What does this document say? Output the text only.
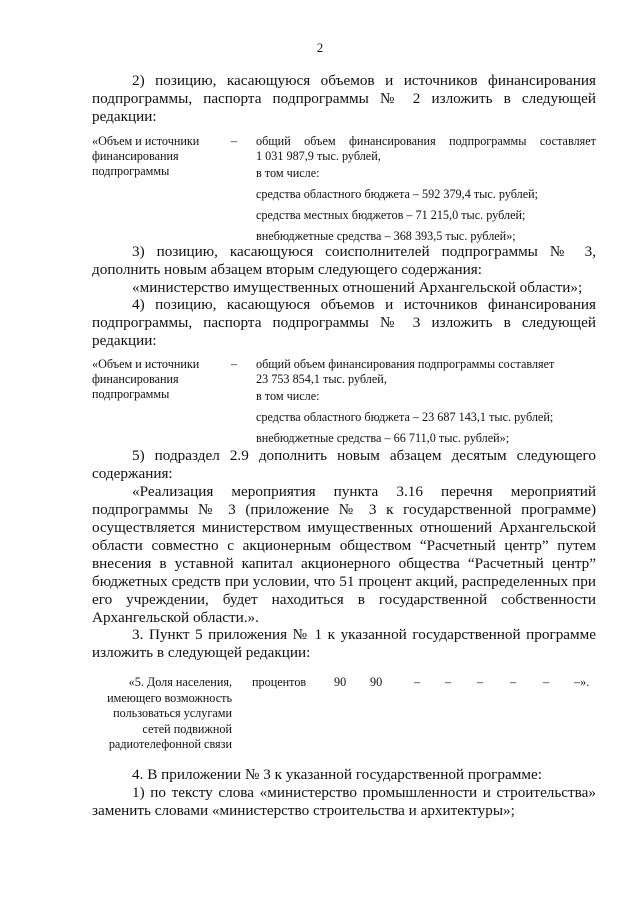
2
2) позицию, касающуюся объемов и источников финансирования
подпрограммы, паспорта подпрограммы № 2 изложить в следующей
редакции:
«Объем и источники
финансирования
подпрограммы
– общий объем финансирования подпрограммы составляет
1 031 987,9 тыс. рублей,
в том числе:
средства областного бюджета – 592 379,4 тыс. рублей;
средства местных бюджетов – 71 215,0 тыс. рублей;
внебюджетные средства – 368 393,5 тыс. рублей»;
3) позицию, касающуюся соисполнителей подпрограммы № 3,
дополнить новым абзацем вторым следующего содержания:
«министерство имущественных отношений Архангельской области»;
4) позицию, касающуюся объемов и источников финансирования
подпрограммы, паспорта подпрограммы № 3 изложить в следующей
редакции:
«Объем и источники
финансирования
подпрограммы
– общий объем финансирования подпрограммы составляет
23 753 854,1 тыс. рублей,
в том числе:
средства областного бюджета – 23 687 143,1 тыс. рублей;
внебюджетные средства – 66 711,0 тыс. рублей»;
5) подраздел 2.9 дополнить новым абзацем десятым следующего
содержания:
«Реализация мероприятия пункта 3.16 перечня мероприятий
подпрограммы № 3 (приложение № 3 к государственной программе)
осуществляется министерством имущественных отношений Архангельской
области совместно с акционерным обществом “Расчетный центр” путем
внесения в уставной капитал акционерного общества “Расчетный центр”
бюджетных средств при условии, что 51 процент акций, распределенных при
его учреждении, будет находиться в государственной собственности
Архангельской области.».
3. Пункт 5 приложения № 1 к указанной государственной программе
изложить в следующей редакции:
«5. Доля населения,
имеющего возможность
пользоваться услугами
сетей подвижной
радиотелефонной связи
процентов 90 90	– – – – – –».
4. В приложении № 3 к указанной государственной программе:
1) по тексту слова «министерство промышленности и строительства»
заменить словами «министерство строительства и архитектуры»;
